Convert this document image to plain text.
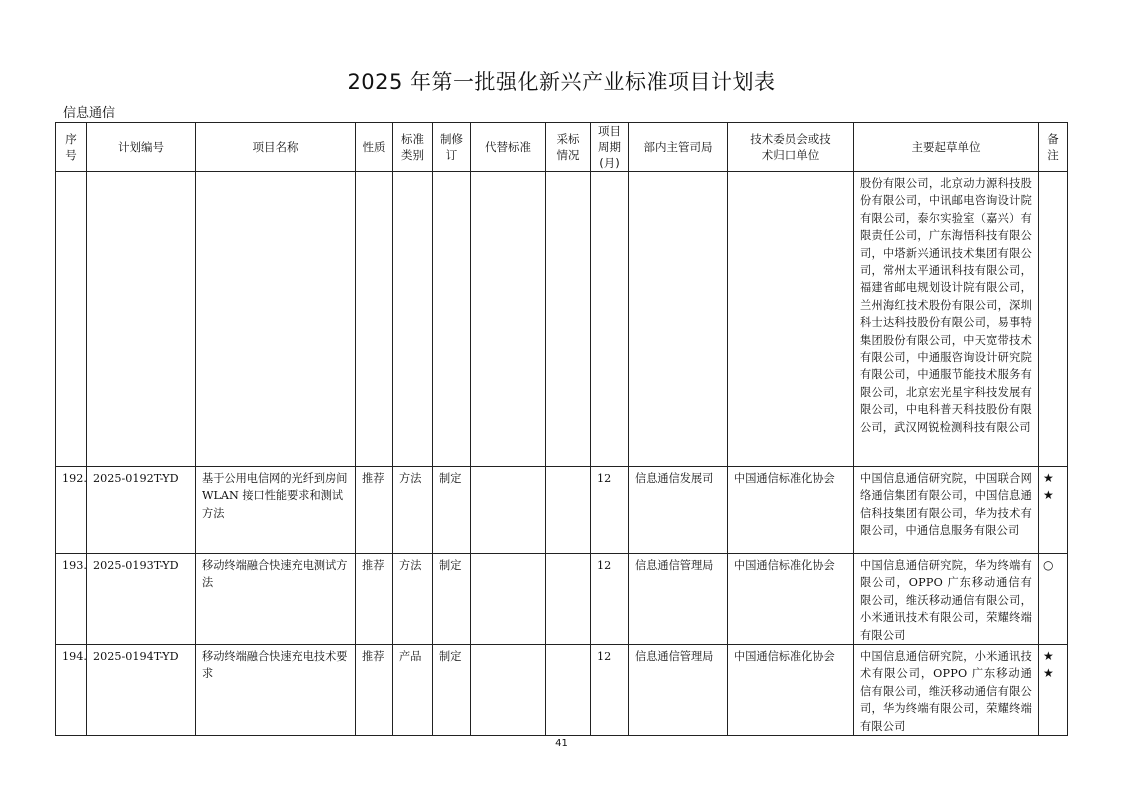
2025 年第一批强化新兴产业标准项目计划表
信息通信
序号	计划编号	项目名称	性质	标准类别	制修订	代替标准	采标情况	项目周期(月)	部内主管司局	技术委员会或技术归口单位	主要起草单位	备注
											股份有限公司，北京动力源科技股份有限公司，中讯邮电咨询设计院有限公司，泰尔实验室（嘉兴）有限责任公司，广东海悟科技有限公司，中塔新兴通讯技术集团有限公司，常州太平通讯科技有限公司，福建省邮电规划设计院有限公司，兰州海红技术股份有限公司，深圳科士达科技股份有限公司，易事特集团股份有限公司，中天宽带技术有限公司，中通服咨询设计研究院有限公司，中通服节能技术服务有限公司，北京宏光星宇科技发展有限公司，中电科普天科技股份有限公司，武汉网锐检测科技有限公司	
192.	2025-0192T-YD	基于公用电信网的光纤到房间 WLAN 接口性能要求和测试方法	推荐	方法	制定			12	信息通信发展司	中国通信标准化协会	中国信息通信研究院，中国联合网络通信集团有限公司，中国信息通信科技集团有限公司，华为技术有限公司，中通信息服务有限公司	★
★

193.	2025-0193T-YD	移动终端融合快速充电测试方法	推荐	方法	制定			12	信息通信管理局	中国通信标准化协会	中国信息通信研究院，华为终端有限公司，OPPO 广东移动通信有限公司，维沃移动通信有限公司，小米通讯技术有限公司，荣耀终端有限公司	○

194.	2025-0194T-YD	移动终端融合快速充电技术要求	推荐	产品	制定			12	信息通信管理局	中国通信标准化协会	中国信息通信研究院，小米通讯技术有限公司，OPPO 广东移动通信有限公司，维沃移动通信有限公司，华为终端有限公司，荣耀终端有限公司	★
★
41
